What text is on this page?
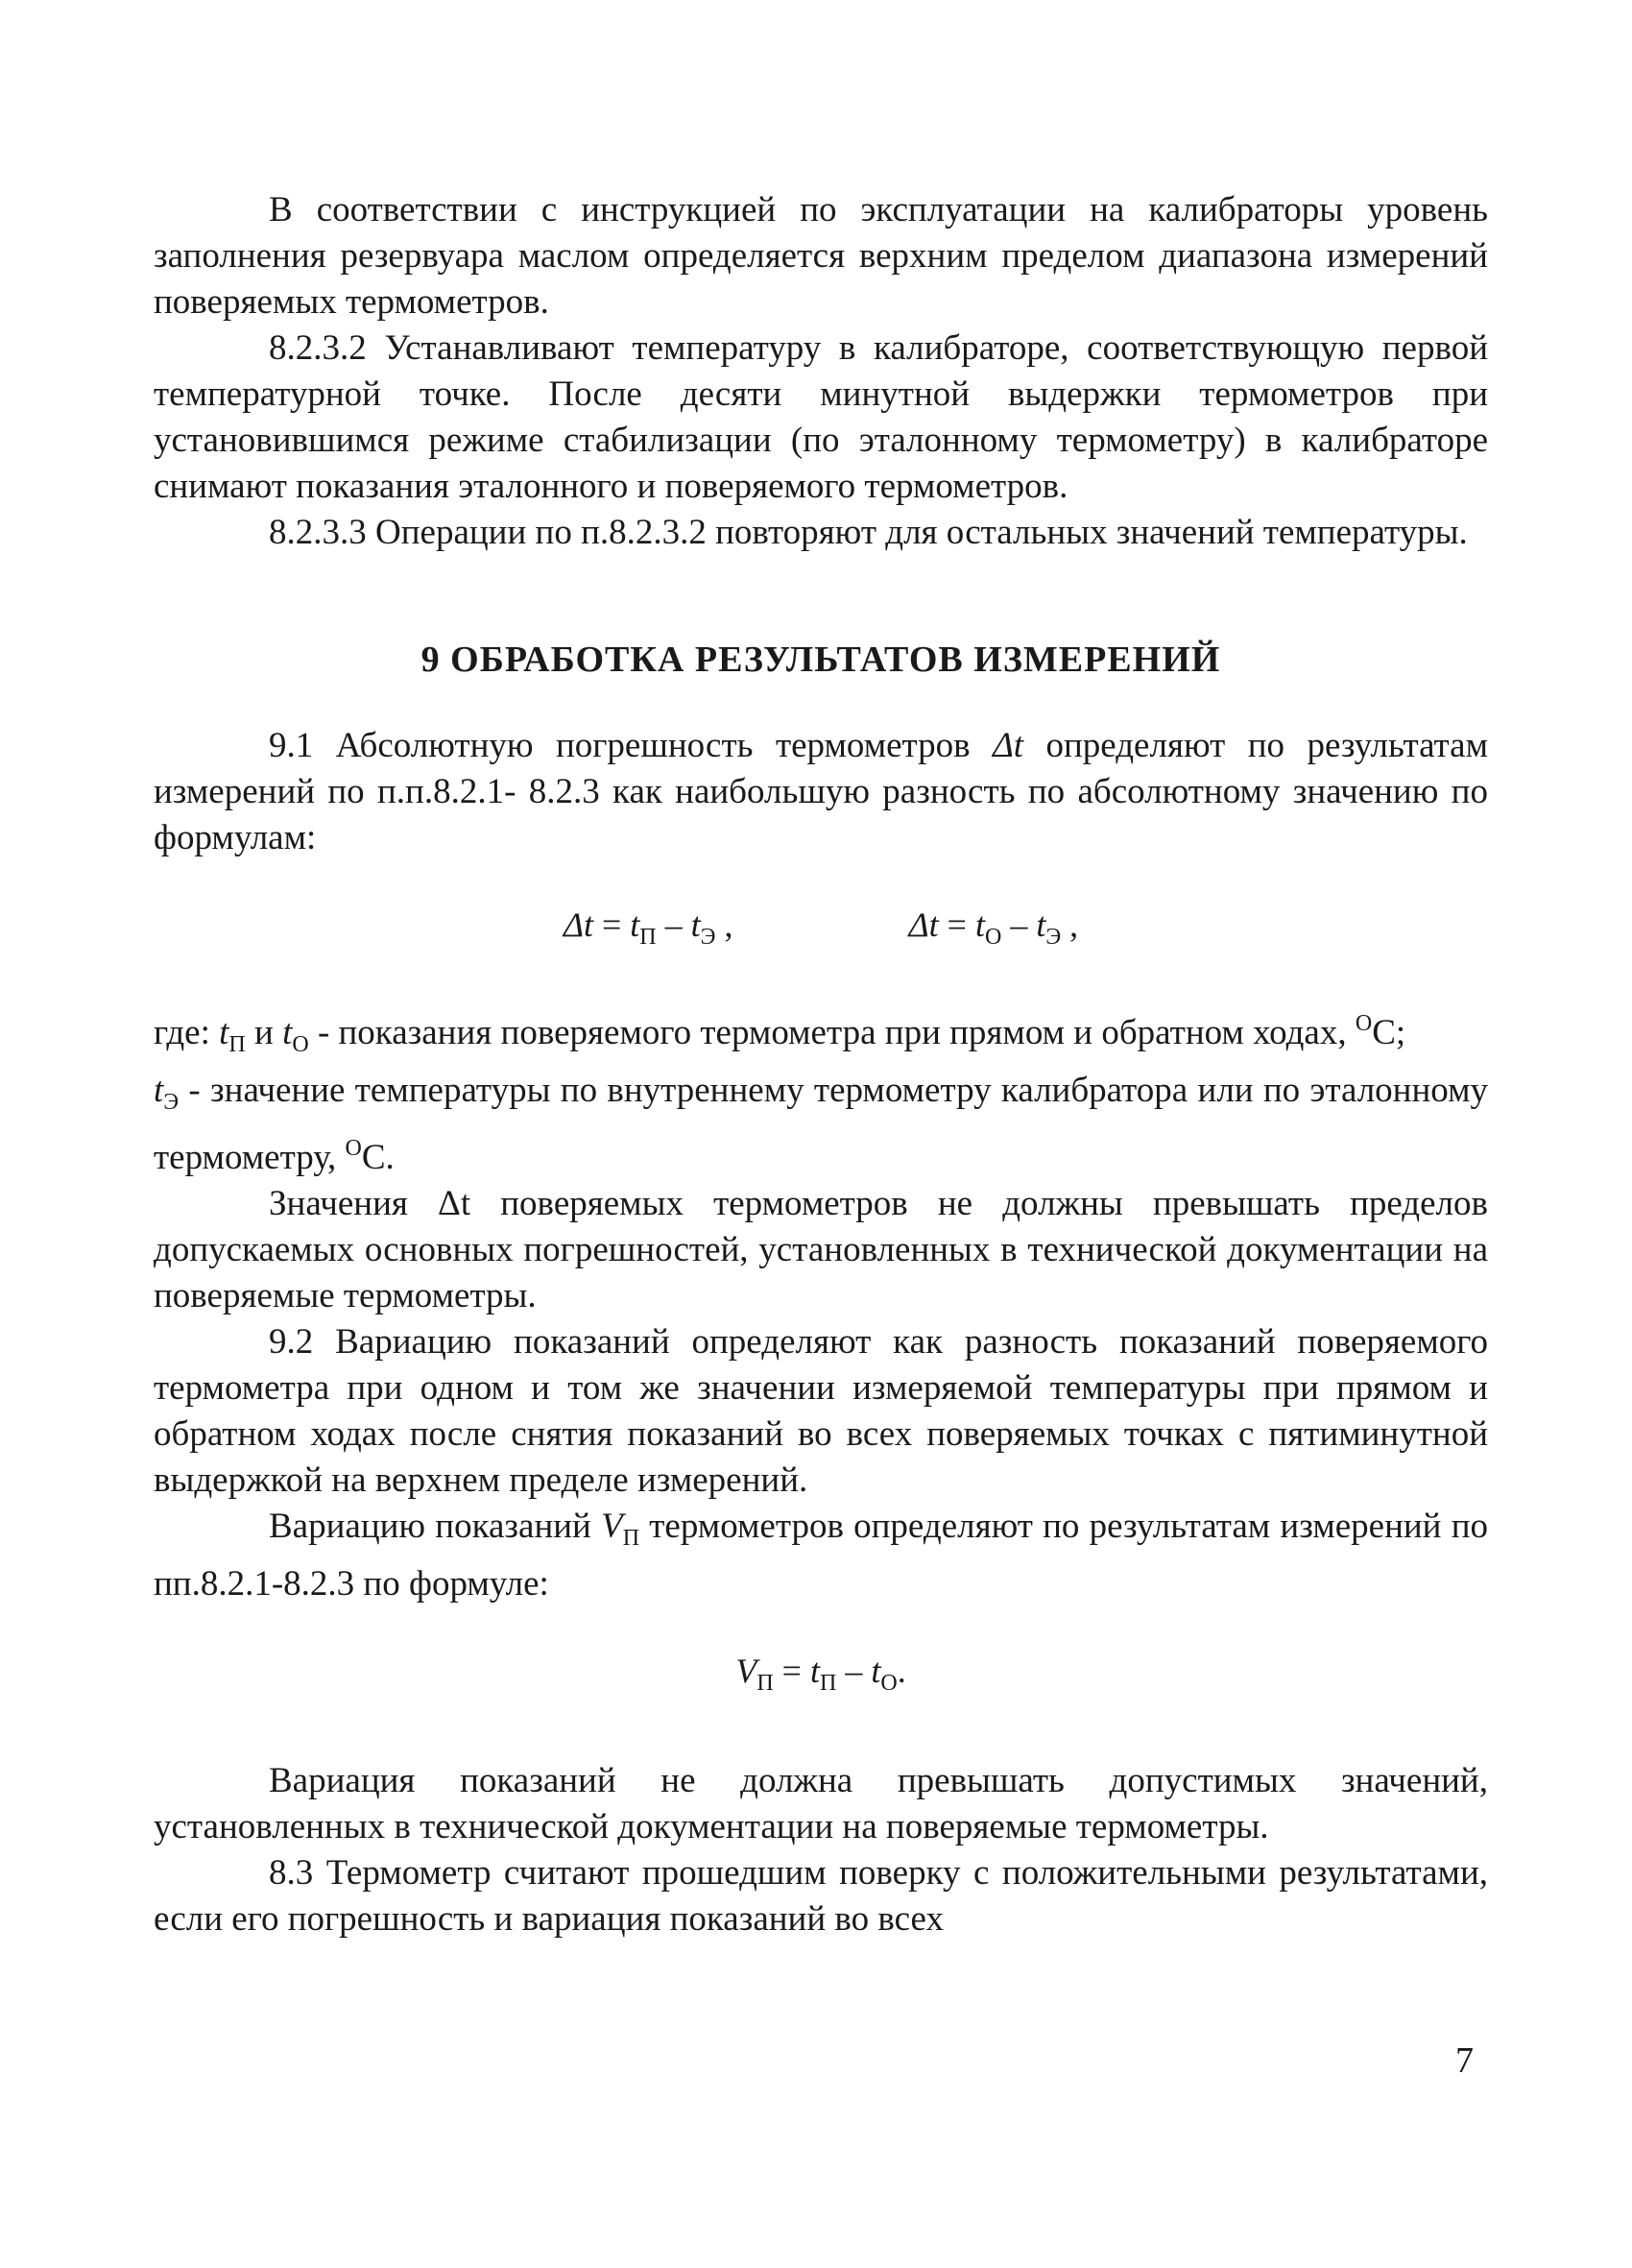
В соответствии с инструкцией по эксплуатации на калибраторы уровень заполнения резервуара маслом определяется верхним пределом диапазона измерений поверяемых термометров.

8.2.3.2 Устанавливают температуру в калибраторе, соответствующую первой температурной точке. После десяти минутной выдержки термометров при установившимся режиме стабилизации (по эталонному термометру) в калибраторе снимают показания эталонного и поверяемого термометров.

8.2.3.3 Операции по п.8.2.3.2 повторяют для остальных значений температуры.

9 ОБРАБОТКА РЕЗУЛЬТАТОВ ИЗМЕРЕНИЙ

9.1 Абсолютную погрешность термометров Δt определяют по результатам измерений по п.п.8.2.1- 8.2.3 как наибольшую разность по абсолютному значению по формулам:

$\Delta t = t_П - t_Э$ ,	$\Delta t = t_О - t_Э$ ,

где: $t_П$ и $t_О$ - показания поверяемого термометра при прямом и обратном ходах, $^О$С;

$t_Э$ - значение температуры по внутреннему термометру калибратора или по эталонному термометру, $^О$С.

Значения Δt поверяемых термометров не должны превышать пределов допускаемых основных погрешностей, установленных в технической документации на поверяемые термометры.

9.2 Вариацию показаний определяют как разность показаний поверяемого термометра при одном и том же значении измеряемой температуры при прямом и обратном ходах после снятия показаний во всех поверяемых точках с пятиминутной выдержкой на верхнем пределе измерений.

Вариацию показаний $V_П$ термометров определяют по результатам измерений по пп.8.2.1-8.2.3 по формуле:

$V_П = t_П - t_О$.

Вариация показаний не должна превышать допустимых значений, установленных в технической документации на поверяемые термометры.

8.3 Термометр считают прошедшим поверку с положительными результатами, если его погрешность и вариация показаний во всех

7
